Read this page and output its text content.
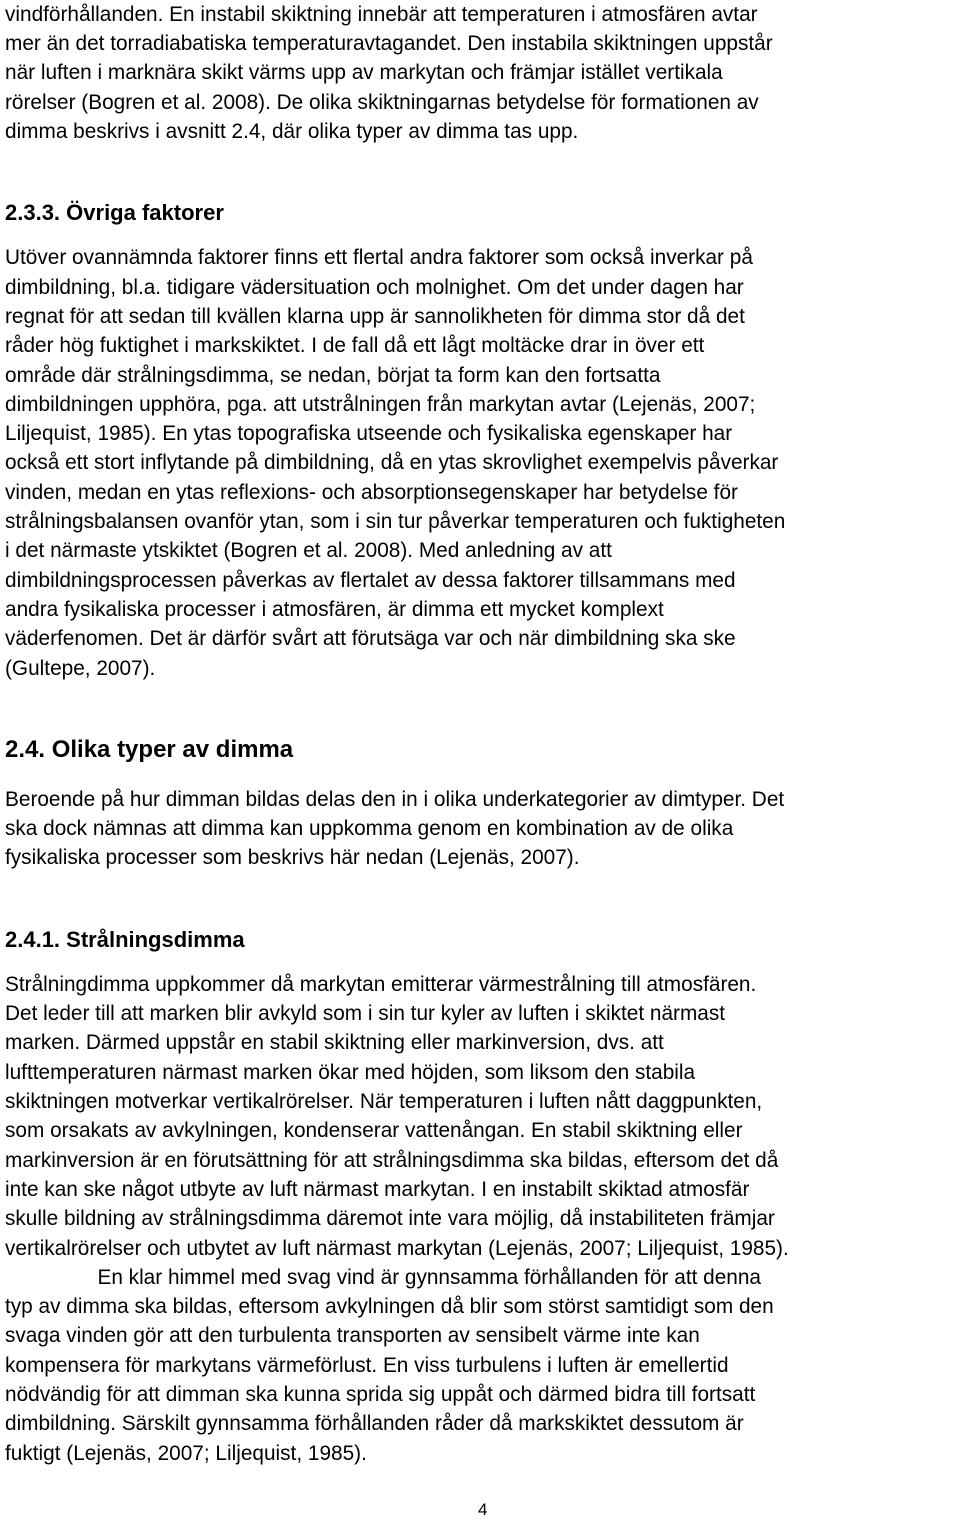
vindförhållanden. En instabil skiktning innebär att temperaturen i atmosfären avtar
mer än det torradiabatiska temperaturavtagandet. Den instabila skiktningen uppstår
när luften i marknära skikt värms upp av markytan och främjar istället vertikala
rörelser (Bogren et al. 2008). De olika skiktningarnas betydelse för formationen av
dimma beskrivs i avsnitt 2.4, där olika typer av dimma tas upp.
2.3.3. Övriga faktorer
Utöver ovannämnda faktorer finns ett flertal andra faktorer som också inverkar på
dimbildning, bl.a. tidigare vädersituation och molnighet. Om det under dagen har
regnat för att sedan till kvällen klarna upp är sannolikheten för dimma stor då det
råder hög fuktighet i markskiktet. I de fall då ett lågt moltäcke drar in över ett
område där strålningsdimma, se nedan, börjat ta form kan den fortsatta
dimbildningen upphöra, pga. att utstrålningen från markytan avtar (Lejenäs, 2007;
Liljequist, 1985). En ytas topografiska utseende och fysikaliska egenskaper har
också ett stort inflytande på dimbildning, då en ytas skrovlighet exempelvis påverkar
vinden, medan en ytas reflexions- och absorptionsegenskaper har betydelse för
strålningsbalansen ovanför ytan, som i sin tur påverkar temperaturen och fuktigheten
i det närmaste ytskiktet (Bogren et al. 2008). Med anledning av att
dimbildningsprocessen påverkas av flertalet av dessa faktorer tillsammans med
andra fysikaliska processer i atmosfären, är dimma ett mycket komplext
väderfenomen. Det är därför svårt att förutsäga var och när dimbildning ska ske
(Gultepe, 2007).
2.4. Olika typer av dimma
Beroende på hur dimman bildas delas den in i olika underkategorier av dimtyper. Det
ska dock nämnas att dimma kan uppkomma genom en kombination av de olika
fysikaliska processer som beskrivs här nedan (Lejenäs, 2007).
2.4.1. Strålningsdimma
Strålningdimma uppkommer då markytan emitterar värmestrålning till atmosfären.
Det leder till att marken blir avkyld som i sin tur kyler av luften i skiktet närmast
marken. Därmed uppstår en stabil skiktning eller markinversion, dvs. att
lufttemperaturen närmast marken ökar med höjden, som liksom den stabila
skiktningen motverkar vertikalrörelser. När temperaturen i luften nått daggpunkten,
som orsakats av avkylningen, kondenserar vattenångan. En stabil skiktning eller
markinversion är en förutsättning för att strålningsdimma ska bildas, eftersom det då
inte kan ske något utbyte av luft närmast markytan. I en instabilt skiktad atmosfär
skulle bildning av strålningsdimma däremot inte vara möjlig, då instabiliteten främjar
vertikalrörelser och utbytet av luft närmast markytan (Lejenäs, 2007; Liljequist, 1985).
En klar himmel med svag vind är gynnsamma förhållanden för att denna
typ av dimma ska bildas, eftersom avkylningen då blir som störst samtidigt som den
svaga vinden gör att den turbulenta transporten av sensibelt värme inte kan
kompensera för markytans värmeförlust. En viss turbulens i luften är emellertid
nödvändig för att dimman ska kunna sprida sig uppåt och därmed bidra till fortsatt
dimbildning. Särskilt gynnsamma förhållanden råder då markskiktet dessutom är
fuktigt (Lejenäs, 2007; Liljequist, 1985).
4
